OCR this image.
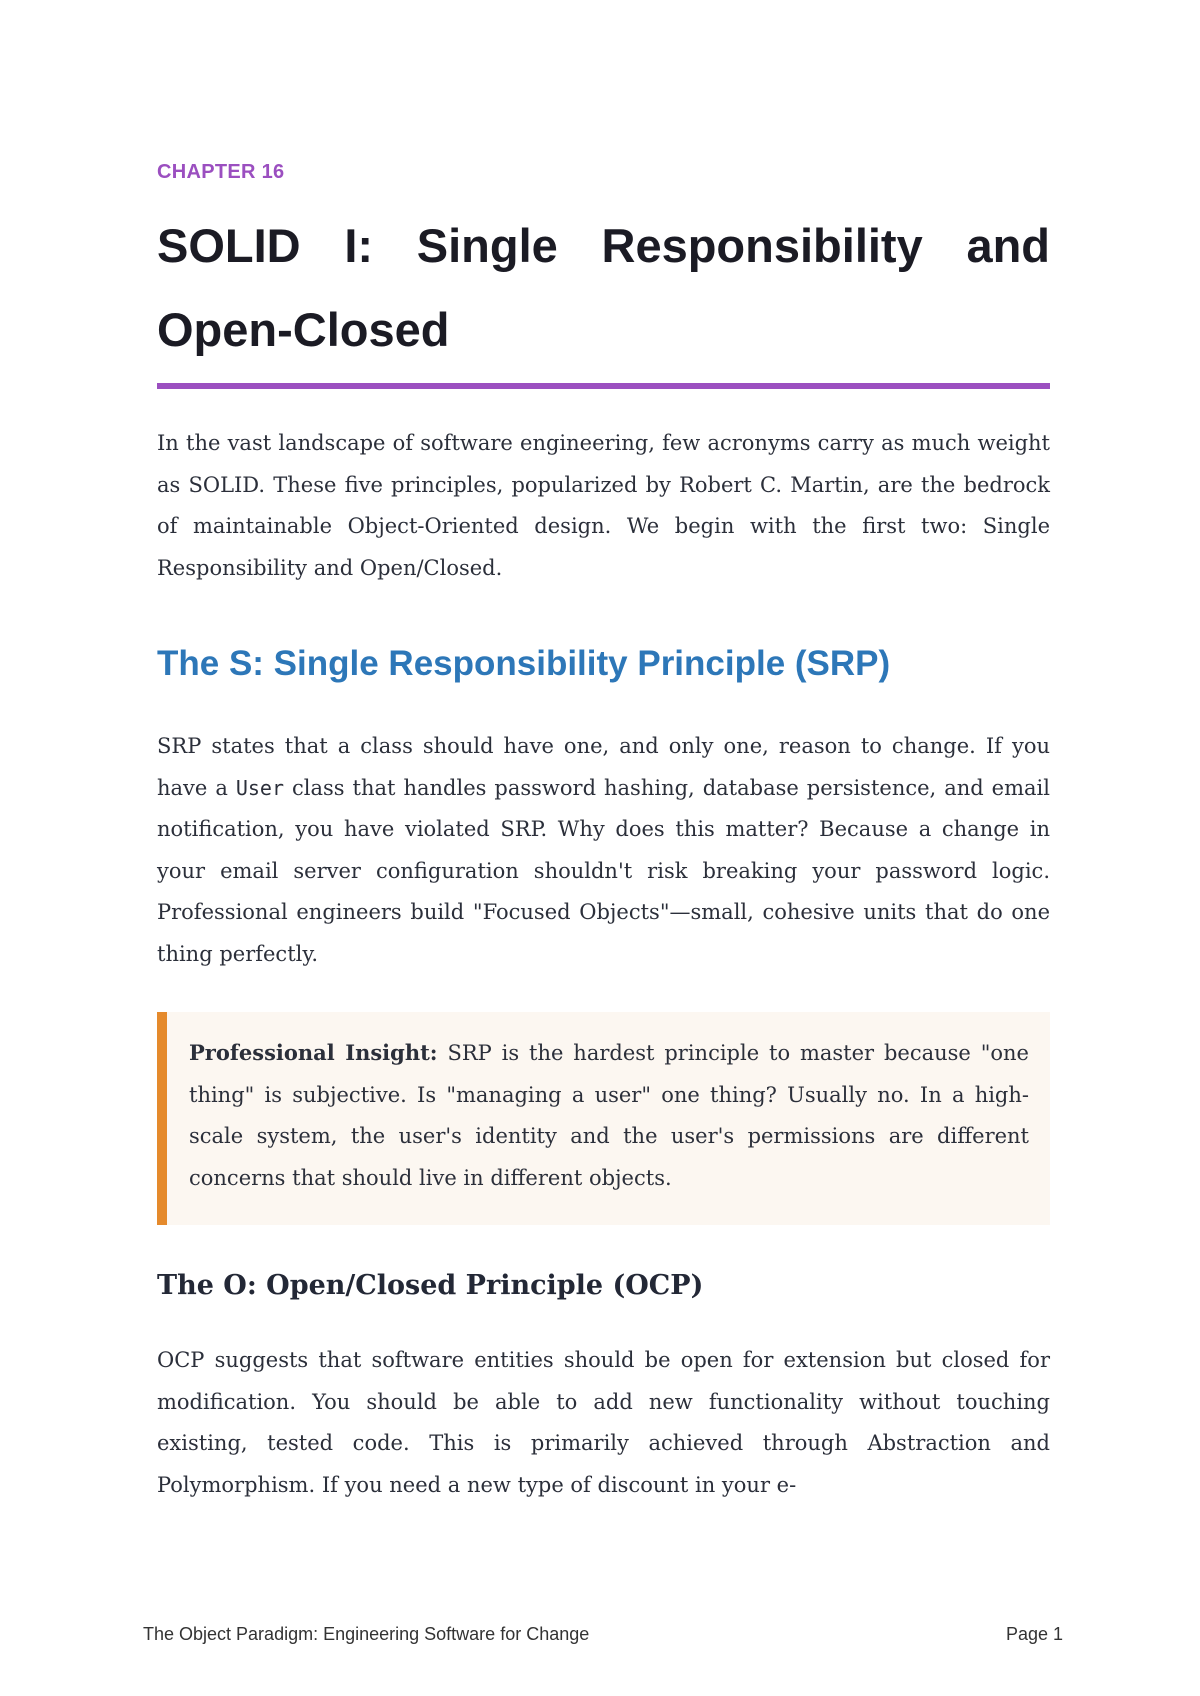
CHAPTER 16
SOLID I: Single Responsibility and Open-Closed

In the vast landscape of software engineering, few acronyms carry as much weight as SOLID. These five principles, popularized by Robert C. Martin, are the bedrock of maintainable Object-Oriented design. We begin with the first two: Single Responsibility and Open/Closed.

The S: Single Responsibility Principle (SRP)

SRP states that a class should have one, and only one, reason to change. If you have a User class that handles password hashing, database persistence, and email notification, you have violated SRP. Why does this matter? Because a change in your email server configuration shouldn't risk breaking your password logic. Professional engineers build "Focused Objects"—small, cohesive units that do one thing perfectly.

Professional Insight: SRP is the hardest principle to master because "one thing" is subjective. Is "managing a user" one thing? Usually no. In a high-scale system, the user's identity and the user's permissions are different concerns that should live in different objects.

The O: Open/Closed Principle (OCP)

OCP suggests that software entities should be open for extension but closed for modification. You should be able to add new functionality without touching existing, tested code. This is primarily achieved through Abstraction and Polymorphism. If you need a new type of discount in your e-

The Object Paradigm: Engineering Software for Change	Page 1
